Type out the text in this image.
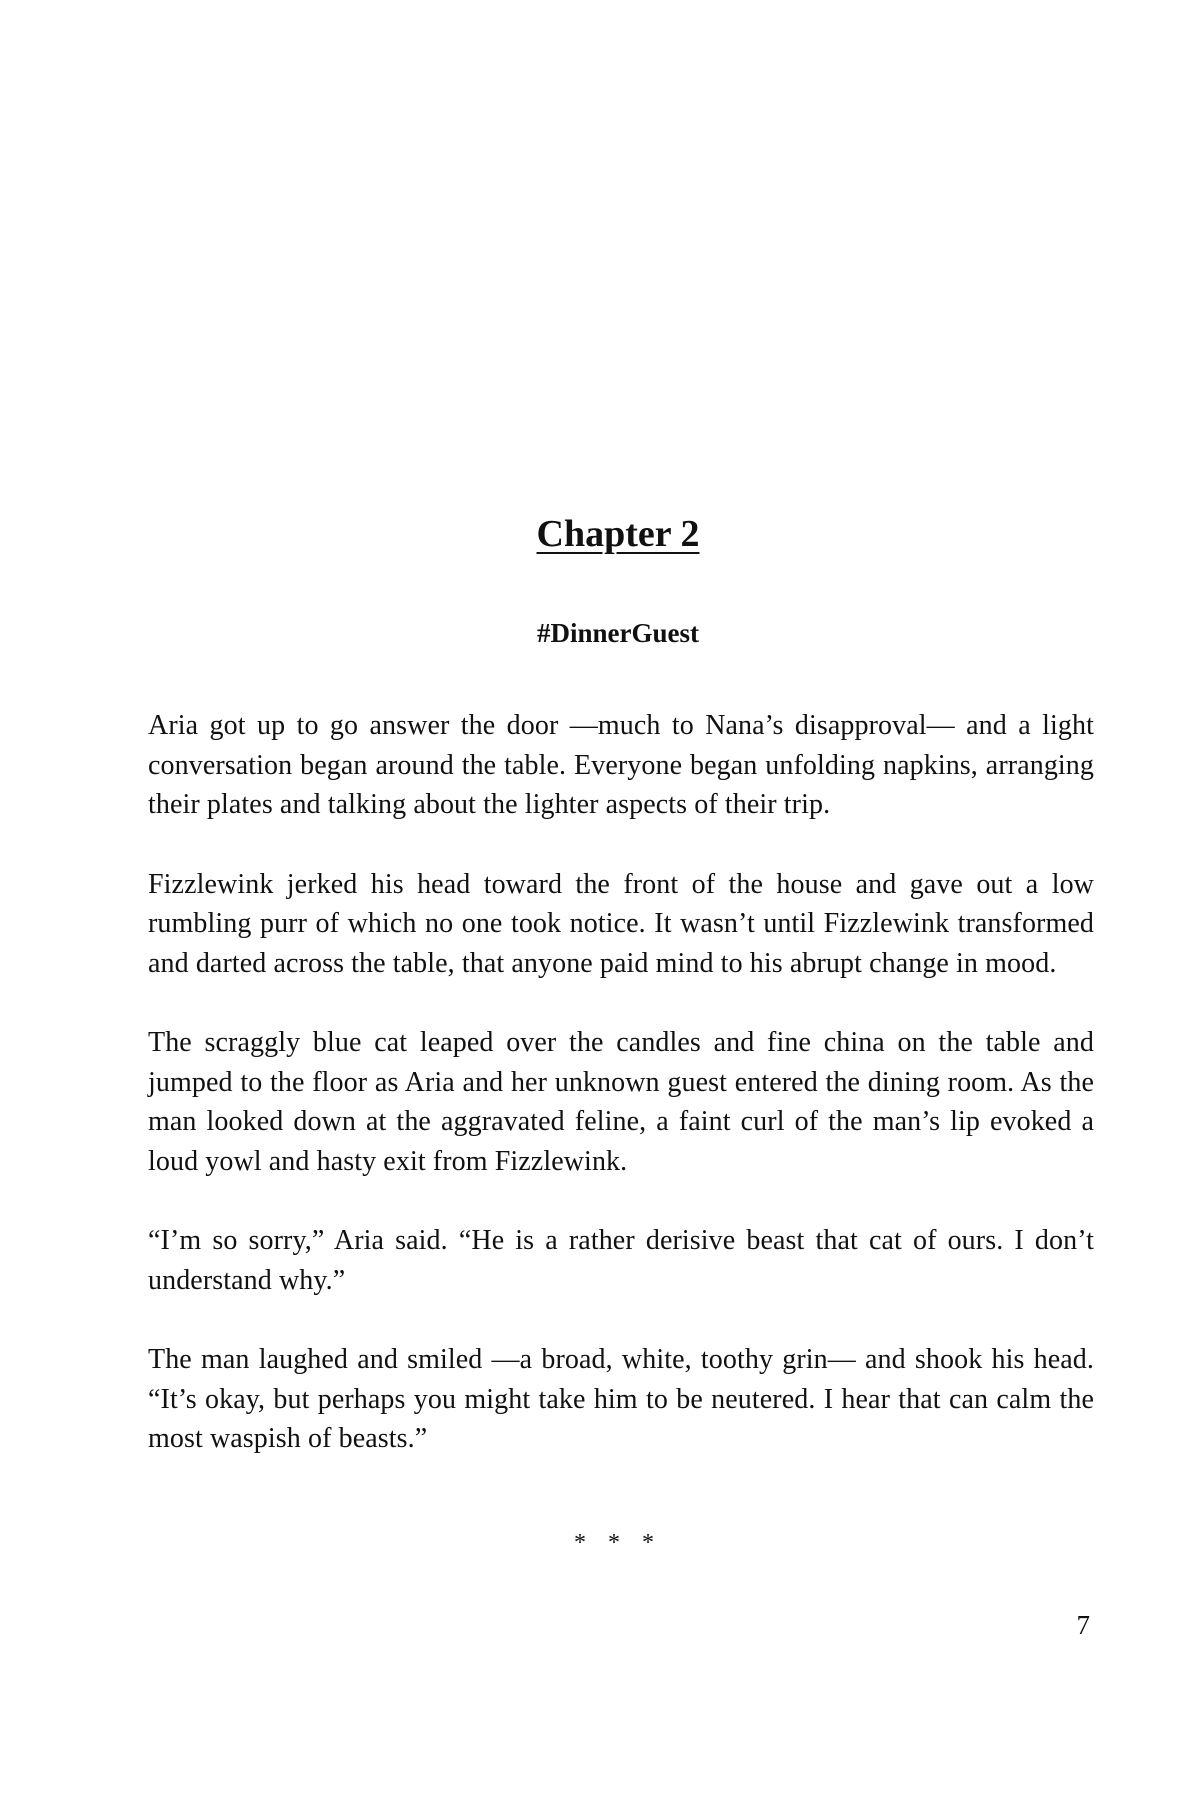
Chapter 2
#DinnerGuest

Aria got up to go answer the door —much to Nana’s disapproval— and a light conversation began around the table. Everyone began unfolding napkins, arranging their plates and talking about the lighter aspects of their trip.

Fizzlewink jerked his head toward the front of the house and gave out a low rumbling purr of which no one took notice. It wasn’t until Fizzlewink transformed and darted across the table, that anyone paid mind to his abrupt change in mood.

The scraggly blue cat leaped over the candles and fine china on the table and jumped to the floor as Aria and her unknown guest entered the dining room. As the man looked down at the aggravated feline, a faint curl of the man’s lip evoked a loud yowl and hasty exit from Fizzlewink.

“I’m so sorry,” Aria said. “He is a rather derisive beast that cat of ours. I don’t understand why.”

The man laughed and smiled —a broad, white, toothy grin— and shook his head. “It’s okay, but perhaps you might take him to be neutered. I hear that can calm the most waspish of beasts.”

* * *

7
